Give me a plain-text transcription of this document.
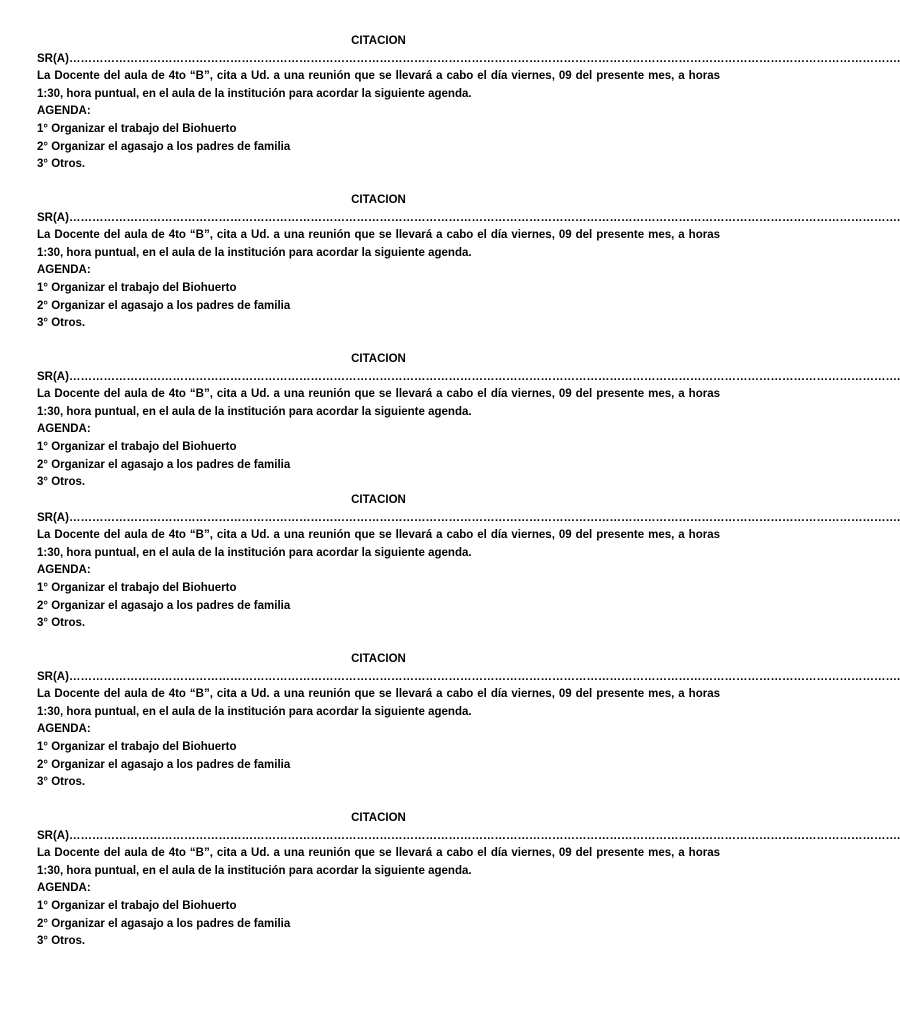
CITACION
SR(A)……………………………………………………………………………………………………………………………………………………………………………………………….
La Docente del aula de 4to “B”, cita a Ud. a una reunión que se llevará a cabo el día viernes, 09 del presente mes, a horas 1:30, hora puntual, en el aula de la institución para acordar la siguiente agenda.
AGENDA:
1° Organizar el trabajo del Biohuerto
2° Organizar el agasajo a los padres de familia
3° Otros.
CITACION
SR(A)……………………………………………………………………………………………………………………………………………………………………………………………….
La Docente del aula de 4to “B”, cita a Ud. a una reunión que se llevará a cabo el día viernes, 09 del presente mes, a horas 1:30, hora puntual, en el aula de la institución para acordar la siguiente agenda.
AGENDA:
1° Organizar el trabajo del Biohuerto
2° Organizar el agasajo a los padres de familia
3° Otros.
CITACION
SR(A)……………………………………………………………………………………………………………………………………………………………………………………………….
La Docente del aula de 4to “B”, cita a Ud. a una reunión que se llevará a cabo el día viernes, 09 del presente mes, a horas 1:30, hora puntual, en el aula de la institución para acordar la siguiente agenda.
AGENDA:
1° Organizar el trabajo del Biohuerto
2° Organizar el agasajo a los padres de familia
3° Otros.
CITACION
SR(A)……………………………………………………………………………………………………………………………………………………………………………………………….
La Docente del aula de 4to “B”, cita a Ud. a una reunión que se llevará a cabo el día viernes, 09 del presente mes, a horas 1:30, hora puntual, en el aula de la institución para acordar la siguiente agenda.
AGENDA:
1° Organizar el trabajo del Biohuerto
2° Organizar el agasajo a los padres de familia
3° Otros.
CITACION
SR(A)……………………………………………………………………………………………………………………………………………………………………………………………….
La Docente del aula de 4to “B”, cita a Ud. a una reunión que se llevará a cabo el día viernes, 09 del presente mes, a horas 1:30, hora puntual, en el aula de la institución para acordar la siguiente agenda.
AGENDA:
1° Organizar el trabajo del Biohuerto
2° Organizar el agasajo a los padres de familia
3° Otros.
CITACION
SR(A)……………………………………………………………………………………………………………………………………………………………………………………………….
La Docente del aula de 4to “B”, cita a Ud. a una reunión que se llevará a cabo el día viernes, 09 del presente mes, a horas 1:30, hora puntual, en el aula de la institución para acordar la siguiente agenda.
AGENDA:
1° Organizar el trabajo del Biohuerto
2° Organizar el agasajo a los padres de familia
3° Otros.
